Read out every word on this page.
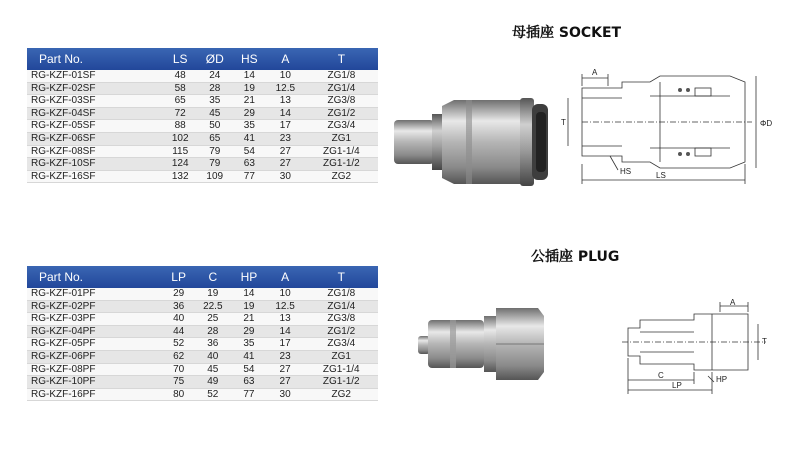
Part No.	LS	ØD	HS	A	T
RG-KZF-01SF	48	24	14	10	ZG1/8
RG-KZF-02SF	58	28	19	12.5	ZG1/4
RG-KZF-03SF	65	35	21	13	ZG3/8
RG-KZF-04SF	72	45	29	14	ZG1/2
RG-KZF-05SF	88	50	35	17	ZG3/4
RG-KZF-06SF	102	65	41	23	ZG1
RG-KZF-08SF	115	79	54	27	ZG1-1/4
RG-KZF-10SF	124	79	63	27	ZG1-1/2
RG-KZF-16SF	132	109	77	30	ZG2
Part No.	LP	C	HP	A	T
RG-KZF-01PF	29	19	14	10	ZG1/8
RG-KZF-02PF	36	22.5	19	12.5	ZG1/4
RG-KZF-03PF	40	25	21	13	ZG3/8
RG-KZF-04PF	44	28	29	14	ZG1/2
RG-KZF-05PF	52	36	35	17	ZG3/4
RG-KZF-06PF	62	40	41	23	ZG1
RG-KZF-08PF	70	45	54	27	ZG1-1/4
RG-KZF-10PF	75	49	63	27	ZG1-1/2
RG-KZF-16PF	80	52	77	30	ZG2
母插座 SOCKET
公插座 PLUG
A
T
HS	LS
ΦD
A
T
C
LP
HP
